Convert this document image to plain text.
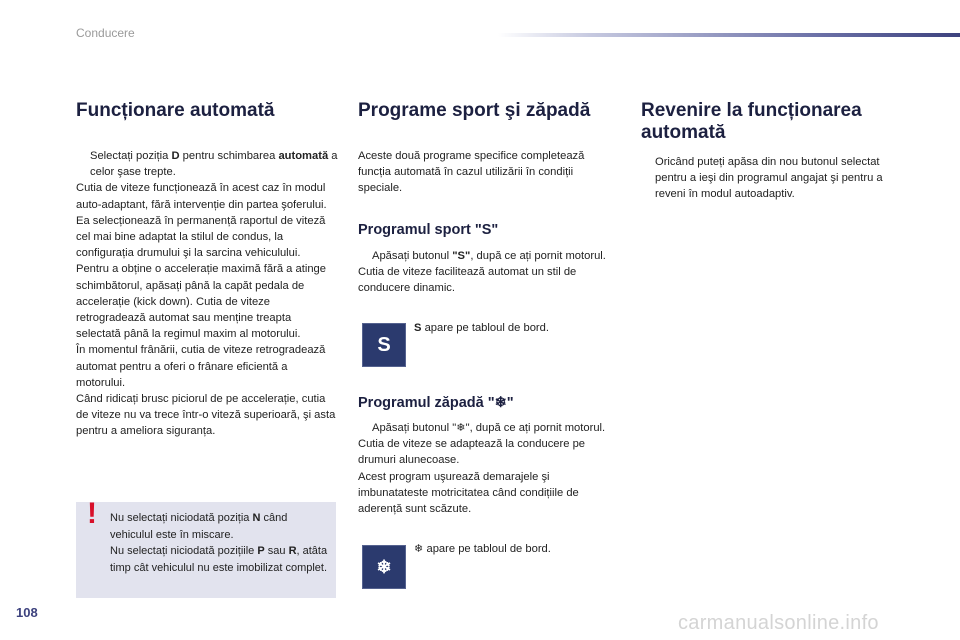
Conducere
Funcționare automată
Selectați poziția D pentru schimbarea automată a celor şase trepte.

Cutia de viteze funcționează în acest caz în modul auto-adaptant, fără intervenție din partea şoferului. Ea selecționează în permanență raportul de viteză cel mai bine adaptat la stilul de condus, la configurația drumului şi la sarcina vehiculului.

Pentru a obține o accelerație maximă fără a atinge schimbătorul, apăsați până la capăt pedala de accelerație (kick down). Cutia de viteze retrogradează automat sau menține treapta selectată până la regimul maxim al motorului.

În momentul frânării, cutia de viteze retrogradează automat pentru a oferi o frânare eficientă a motorului.

Când ridicați brusc piciorul de pe accelerație, cutia de viteze nu va trece într-o viteză superioară, şi asta pentru a ameliora siguranța.

! Nu selectați niciodată poziția N când vehiculul este în miscare.

Nu selectați niciodată pozițiile P sau R, atâta timp cât vehiculul nu este imobilizat complet.

Programe sport şi zăpadă

Aceste două programe specifice completează funcția automată în cazul utilizării în condiții speciale.

Programul sport "S"
Apăsați butonul "S", după ce ați pornit motorul.

Cutia de viteze facilitează automat un stil de conducere dinamic.

S
S apare pe tabloul de bord.
Programul zăpadă "❄"
Apăsați butonul "❄", după ce ați pornit motorul.

Cutia de viteze se adaptează la conducere pe drumuri alunecoase.

Acest program uşurează demarajele şi imbunatateste motricitatea când condițiile de aderență sunt scăzute.

❄
❄ apare pe tabloul de bord.
Revenire la funcționarea automată
Oricând puteți apăsa din nou butonul selectat pentru a ieşi din programul angajat şi pentru a reveni în modul autoadaptiv.
108	carmanualsonline.info
